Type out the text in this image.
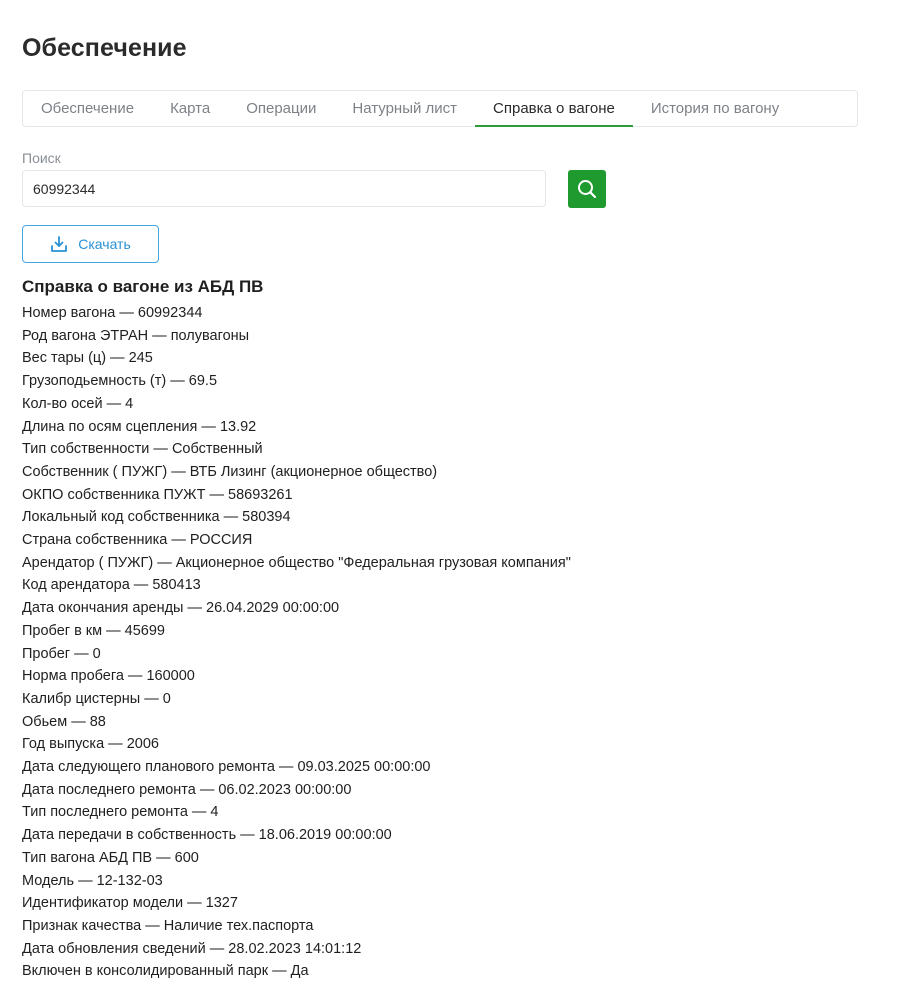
Обеспечение
Обеспечение	Карта	Операции	Натурный лист	Справка о вагоне	История по вагону
Поиск
60992344
Скачать
Справка о вагоне из АБД ПВ
Номер вагона — 60992344
Род вагона ЭТРАН — полувагоны
Вес тары (ц) — 245
Грузоподьемность (т) — 69.5
Кол-во осей — 4
Длина по осям сцепления — 13.92
Тип собственности — Собственный
Собственник ( ПУЖГ) — ВТБ Лизинг (акционерное общество)
ОКПО собственника ПУЖТ — 58693261
Локальный код собственника — 580394
Страна собственника — РОССИЯ
Арендатор ( ПУЖГ) — Акционерное общество "Федеральная грузовая компания"
Код арендатора — 580413
Дата окончания аренды — 26.04.2029 00:00:00
Пробег в км — 45699
Пробег — 0
Норма пробега — 160000
Калибр цистерны — 0
Обьем — 88
Год выпуска — 2006
Дата следующего планового ремонта — 09.03.2025 00:00:00
Дата последнего ремонта — 06.02.2023 00:00:00
Тип последнего ремонта — 4
Дата передачи в собственность — 18.06.2019 00:00:00
Тип вагона АБД ПВ — 600
Модель — 12-132-03
Идентификатор модели — 1327
Признак качества — Наличие тех.паспорта
Дата обновления сведений — 28.02.2023 14:01:12
Включен в консолидированный парк — Да
